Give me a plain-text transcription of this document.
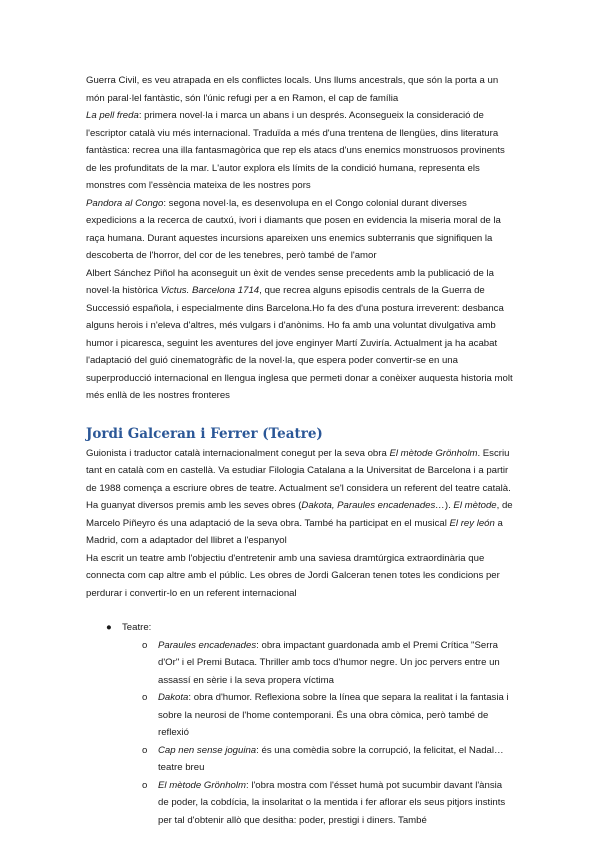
Guerra Civil, es veu atrapada en els conflictes locals. Uns llums ancestrals, que són la porta a un món paral·lel fantàstic, són l'únic refugi per a en Ramon, el cap de família

La pell freda: primera novel·la i marca un abans i un després. Aconsegueix la consideració de l'escriptor català viu més internacional. Traduïda a més d'una trentena de llengües, dins literatura fantàstica: recrea una illa fantasmagòrica que rep els atacs d'uns enemics monstruosos provinents de les profunditats de la mar. L'autor explora els límits de la condició humana, representa els monstres com l'essència mateixa de les nostres pors

Pandora al Congo: segona novel·la, es desenvolupa en el Congo colonial durant diverses expedicions a la recerca de cautxú, ivori i diamants que posen en evidencia la miseria moral de la raça humana. Durant aquestes incursions apareixen uns enemics subterranis que signifiquen la descoberta de l'horror, del cor de les tenebres, però també de l'amor

Albert Sánchez Piñol ha aconseguit un èxit de vendes sense precedents amb la publicació de la novel·la històrica Victus. Barcelona 1714, que recrea alguns episodis centrals de la Guerra de Successió española, i especialmente dins Barcelona.Ho fa des d'una postura irreverent: desbanca alguns herois i n'eleva d'altres, més vulgars i d'anònims. Ho fa amb una voluntat divulgativa amb humor i picaresca, seguint les aventures del jove enginyer Martí Zuviría. Actualment ja ha acabat l'adaptació del guió cinematogràfic de la novel·la, que espera poder convertir-se en una superproducció internacional en llengua inglesa que permeti donar a conèixer auquesta historia molt més enllà de les nostres fronteres

Jordi Galceran i Ferrer (Teatre)

Guionista i traductor català internacionalment conegut per la seva obra El mètode Grönholm. Escriu tant en català com en castellà. Va estudiar Filologia Catalana a la Universitat de Barcelona i a partir de 1988 comença a escriure obres de teatre. Actualment se'l considera un referent del teatre català. Ha guanyat diversos premis amb les seves obres (Dakota, Paraules encadenades…). El mètode, de Marcelo Piñeyro és una adaptació de la seva obra. També ha participat en el musical El rey león a Madrid, com a adaptador del llibret a l'espanyol

Ha escrit un teatre amb l'objectiu d'entretenir amb una saviesa dramtúrgica extraordinària que connecta com cap altre amb el públic. Les obres de Jordi Galceran tenen totes les condicions per perdurar i convertir-lo en un referent internacional

● Teatre:
o Paraules encadenades: obra impactant guardonada amb el Premi Crítica "Serra d'Or" i el Premi Butaca. Thriller amb tocs d'humor negre. Un joc pervers entre un assassí en sèrie i la seva propera víctima
o Dakota: obra d'humor. Reflexiona sobre la línea que separa la realitat i la fantasia i sobre la neurosi de l'home contemporani. És una obra còmica, però també de reflexió
o Cap nen sense joguina: és una comèdia sobre la corrupció, la felicitat, el Nadal… teatre breu
o El mètode Grönholm: l'obra mostra com l'ésset humà pot sucumbir davant l'ànsia de poder, la cobdícia, la insolaritat o la mentida i fer aflorar els seus pitjors instints per tal d'obtenir allò que desitha: poder, prestigi i diners. També
